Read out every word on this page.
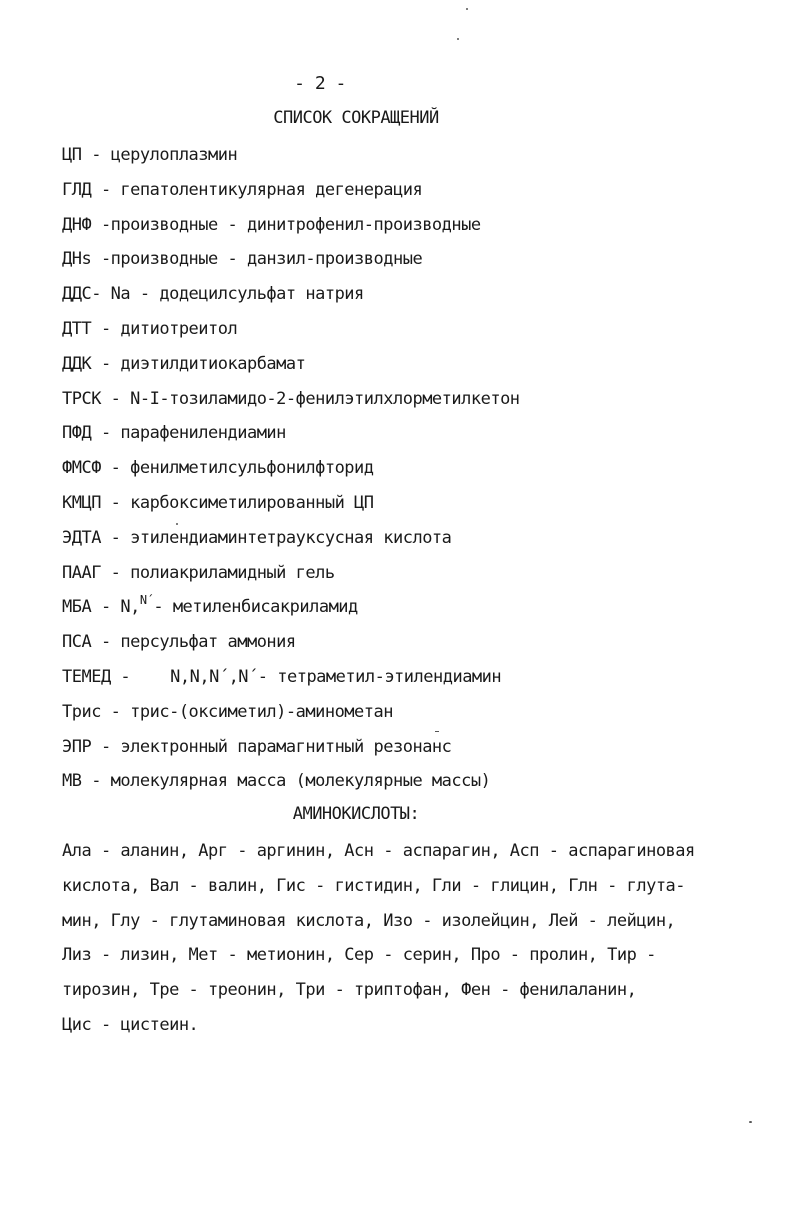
- 2 -
СПИСОК СОКРАЩЕНИЙ
ЦП - церулоплазмин
ГЛД - гепатолентикулярная дегенерация
ДНФ -производные - динитрофенил-производные
ДНs -производные - данзил-производные
ДДС- Na - додецилсульфат натрия
ДТТ - дитиотреитол
ДДК - диэтилдитиокарбамат
ТРСК - N-I-тозиламидо-2-фенилэтилхлорметилкетон
ПФД - парафенилендиамин
ФМСФ - фенилметилсульфонилфторид
КМЦП - карбоксиметилированный ЦП
ЭДТА - этилендиаминтетрауксусная кислота
ПААГ - полиакриламидный гель
МБА - N,$^{N´}$- метиленбисакриламид
ПСА - персульфат аммония
ТЕМЕД - N,N,N´,N´- тетраметил-этилендиамин
Трис - трис-(оксиметил)-аминометан
ЭПР - электронный парамагнитный резонанс
МВ - молекулярная масса (молекулярные массы)
АМИНОКИСЛОТЫ:
Ала - аланин, Арг - аргинин, Асн - аспарагин, Асп - аспарагиновая
кислота, Вал - валин, Гис - гистидин, Гли - глицин, Глн - глута-
мин, Глу - глутаминовая кислота, Изо - изолейцин, Лей - лейцин,
Лиз - лизин, Мет - метионин, Сер - серин, Про - пролин, Тир -
тирозин, Тре - треонин, Три - триптофан, Фен - фенилаланин,
Цис - цистеин.
